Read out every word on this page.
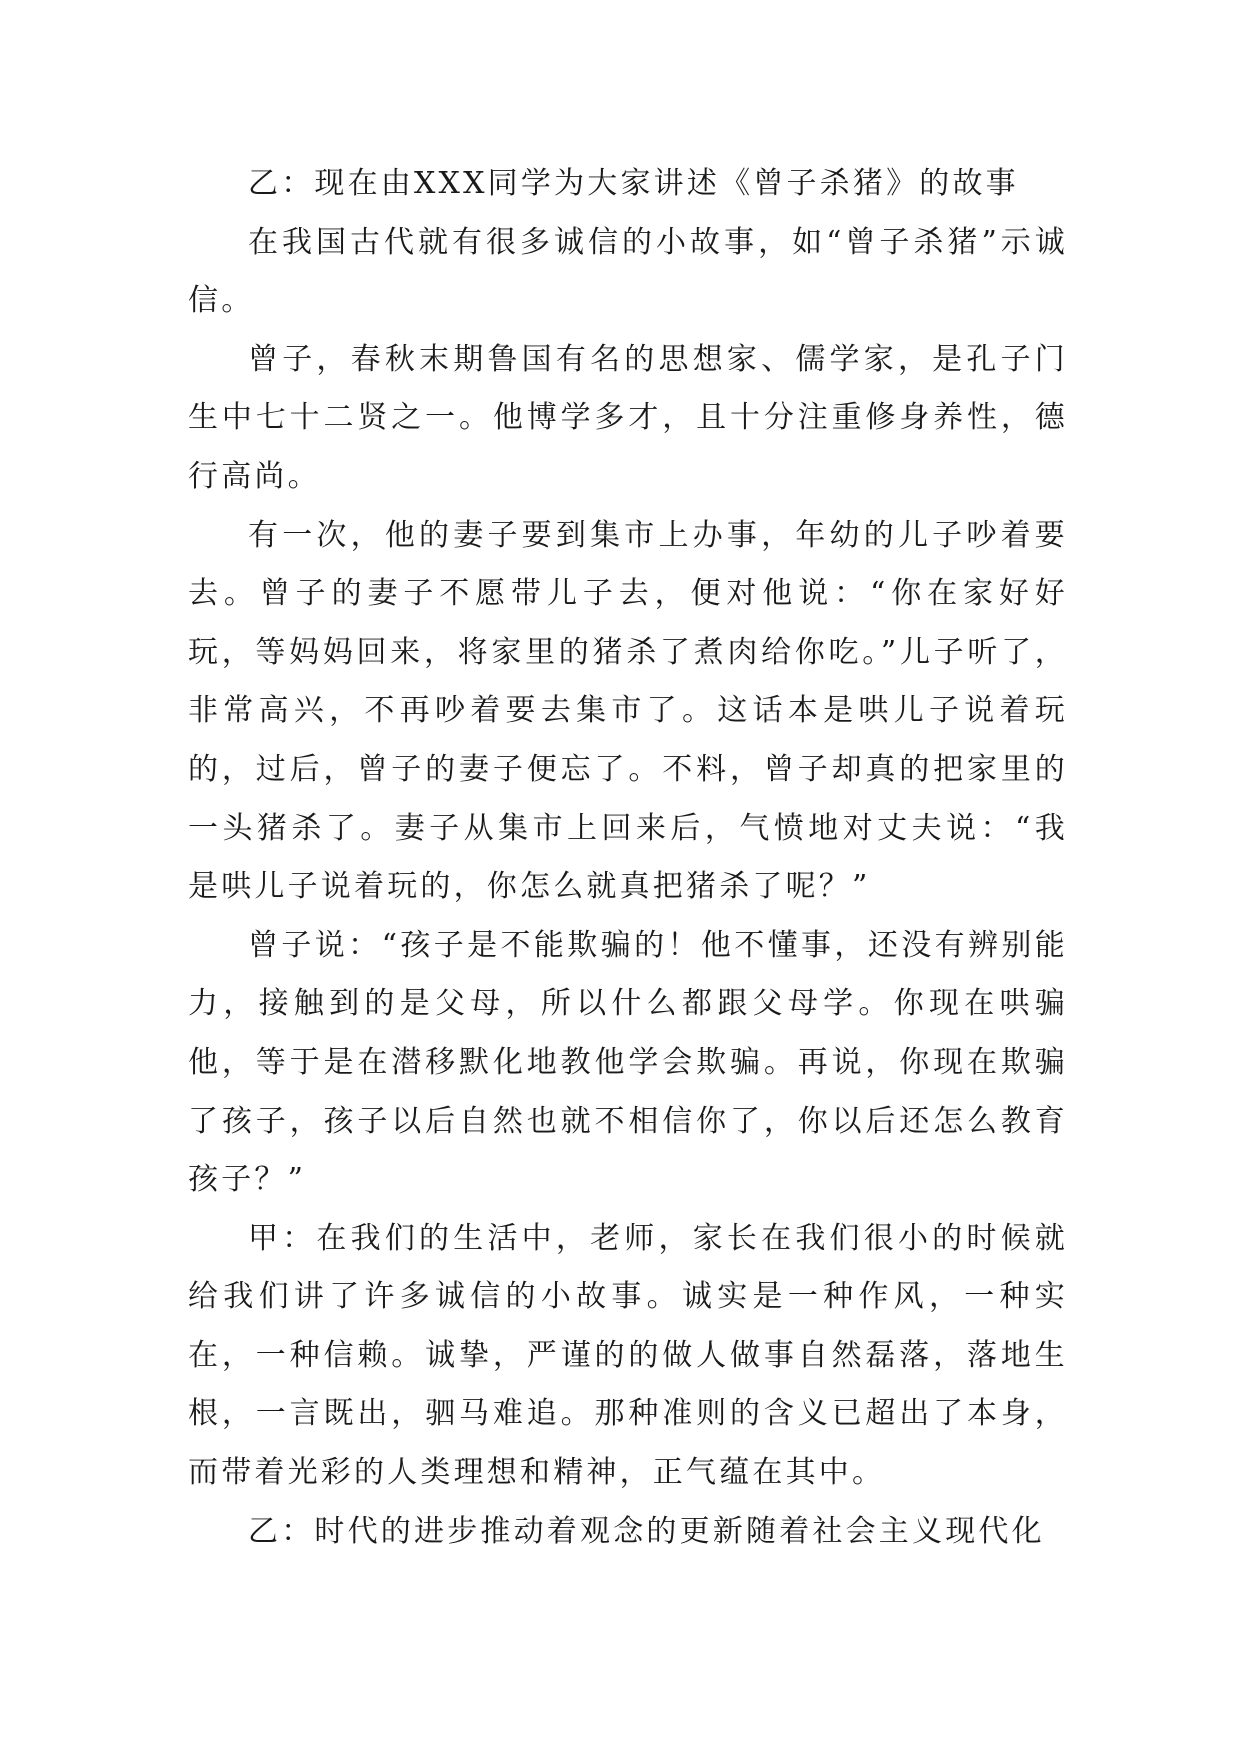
乙：现在由XXX同学为大家讲述《曾子杀猪》的故事

在我国古代就有很多诚信的小故事，如“曾子杀猪”示诚信。

曾子，春秋末期鲁国有名的思想家、儒学家，是孔子门生中七十二贤之一。他博学多才，且十分注重修身养性，德行高尚。

有一次，他的妻子要到集市上办事，年幼的儿子吵着要去。曾子的妻子不愿带儿子去，便对他说：“你在家好好玩，等妈妈回来，将家里的猪杀了煮肉给你吃。”儿子听了，非常高兴，不再吵着要去集市了。这话本是哄儿子说着玩的，过后，曾子的妻子便忘了。不料，曾子却真的把家里的一头猪杀了。妻子从集市上回来后，气愤地对丈夫说：“我是哄儿子说着玩的，你怎么就真把猪杀了呢？”

曾子说：“孩子是不能欺骗的！他不懂事，还没有辨别能力，接触到的是父母，所以什么都跟父母学。你现在哄骗他，等于是在潜移默化地教他学会欺骗。再说，你现在欺骗了孩子，孩子以后自然也就不相信你了，你以后还怎么教育孩子？”

甲：在我们的生活中，老师，家长在我们很小的时候就给我们讲了许多诚信的小故事。诚实是一种作风，一种实在，一种信赖。诚挚，严谨的的做人做事自然磊落，落地生根，一言既出，驷马难追。那种准则的含义已超出了本身，而带着光彩的人类理想和精神，正气蕴在其中。

乙：时代的进步推动着观念的更新随着社会主义现代化
